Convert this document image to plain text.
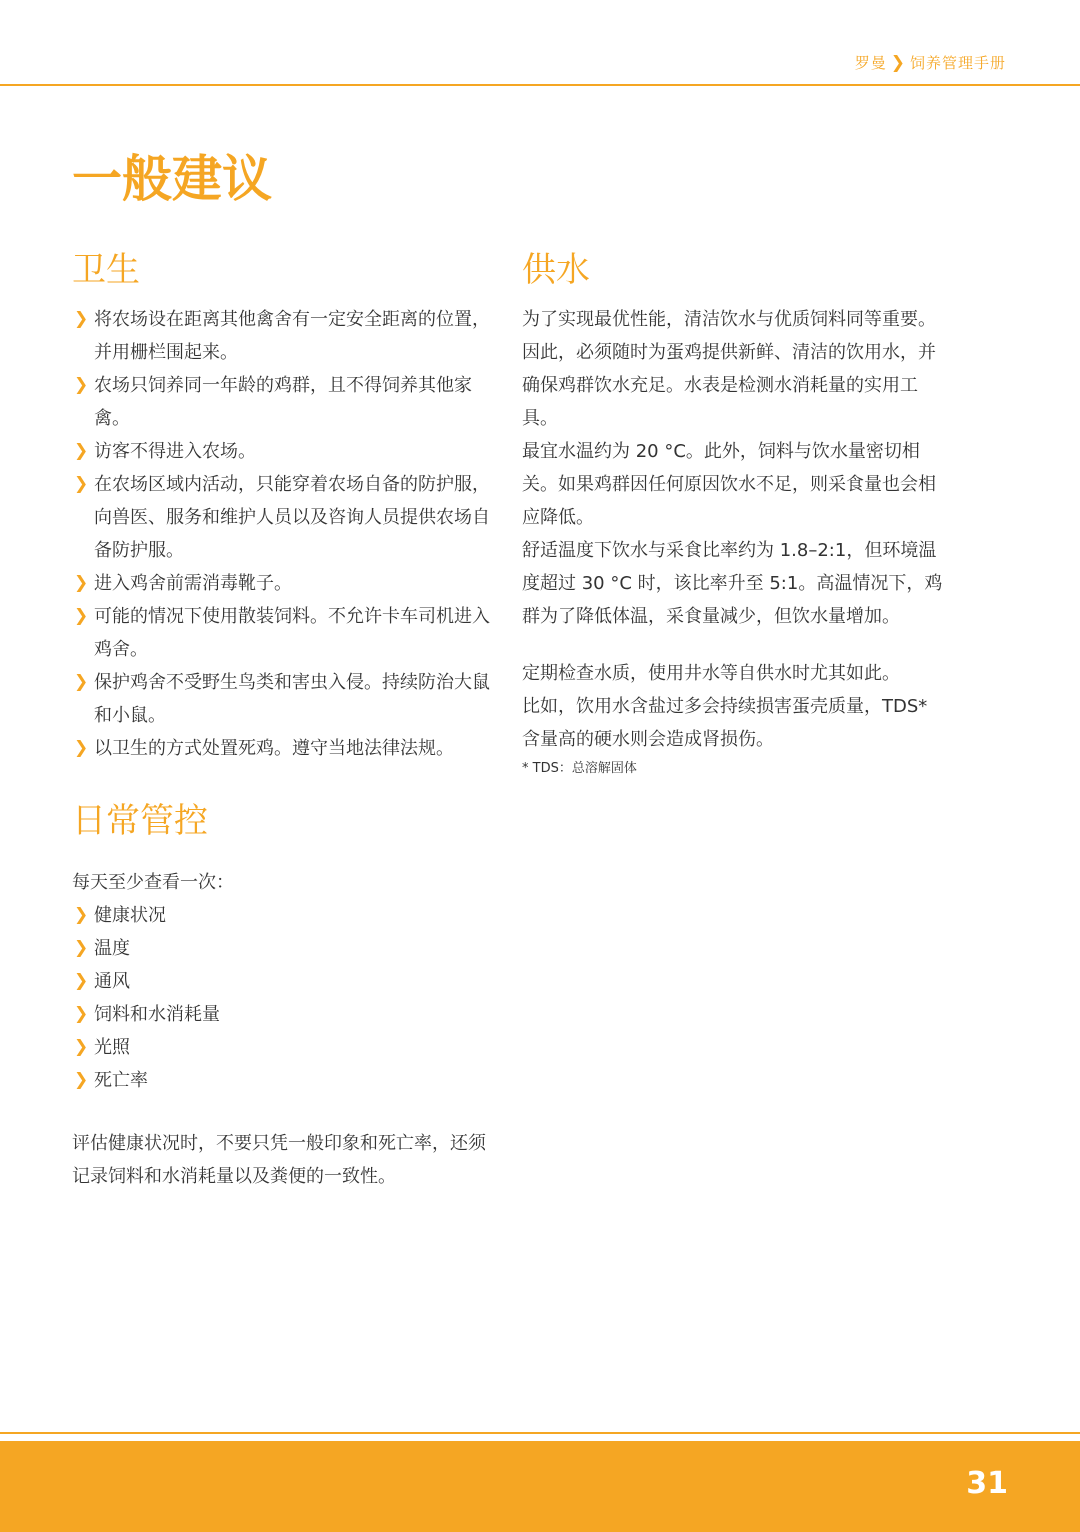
罗曼 ❯ 饲养管理手册
一般建议
卫生
❯ 将农场设在距离其他禽舍有一定安全距离的位置，并用栅栏围起来。
❯ 农场只饲养同一年龄的鸡群，且不得饲养其他家禽。
❯ 访客不得进入农场。
❯ 在农场区域内活动，只能穿着农场自备的防护服，向兽医、服务和维护人员以及咨询人员提供农场自备防护服。
❯ 进入鸡舍前需消毒靴子。
❯ 可能的情况下使用散装饲料。不允许卡车司机进入鸡舍。
❯ 保护鸡舍不受野生鸟类和害虫入侵。持续防治大鼠和小鼠。
❯ 以卫生的方式处置死鸡。遵守当地法律法规。
日常管控

每天至少查看一次：

❯ 健康状况
❯ 温度
❯ 通风
❯ 饲料和水消耗量
❯ 光照
❯ 死亡率

评估健康状况时，不要只凭一般印象和死亡率，还须记录饲料和水消耗量以及粪便的一致性。

供水

为了实现最优性能，清洁饮水与优质饲料同等重要。因此，必须随时为蛋鸡提供新鲜、清洁的饮用水，并确保鸡群饮水充足。水表是检测水消耗量的实用工具。

最宜水温约为 20 °C。此外，饲料与饮水量密切相关。如果鸡群因任何原因饮水不足，则采食量也会相应降低。

舒适温度下饮水与采食比率约为 1.8–2:1，但环境温度超过 30 °C 时，该比率升至 5:1。高温情况下，鸡群为了降低体温，采食量减少，但饮水量增加。

定期检查水质，使用井水等自供水时尤其如此。

比如，饮用水含盐过多会持续损害蛋壳质量，TDS* 含量高的硬水则会造成肾损伤。

* TDS：总溶解固体
31
